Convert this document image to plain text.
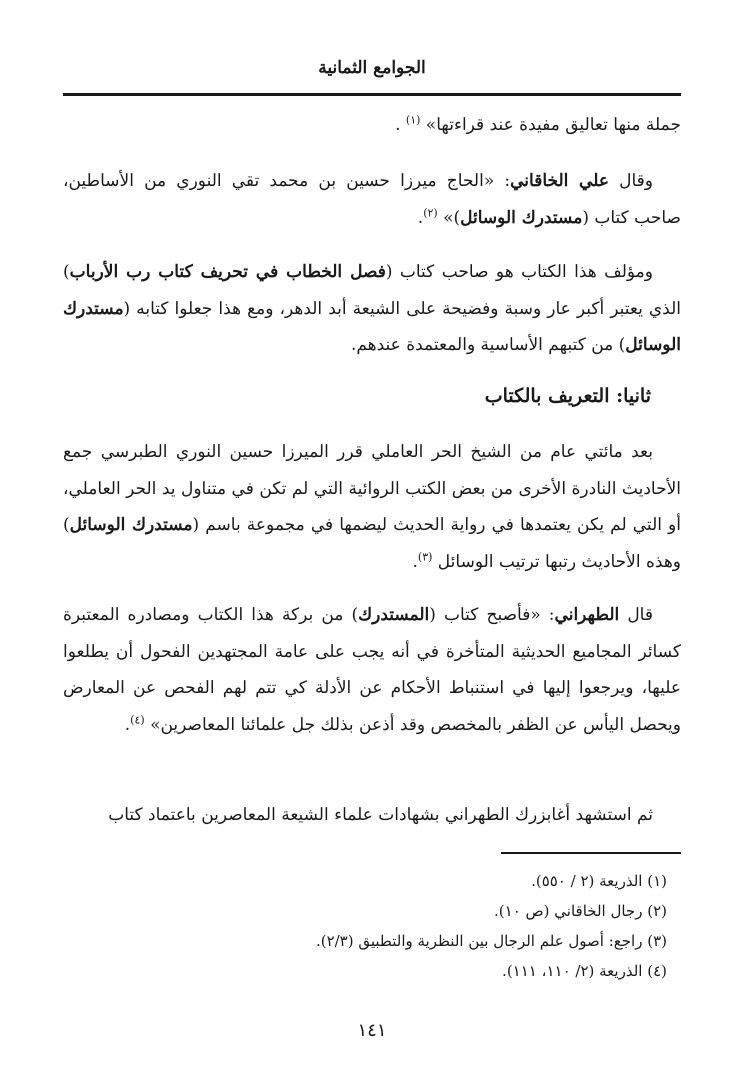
الجوامع الثمانية

جملة منها تعاليق مفيدة عند قراءتها» $^{(١)}$ .

وقال علي الخاقاني: «الحاج ميرزا حسين بن محمد تقي النوري من الأساطين، صاحب كتاب (مستدرك الوسائل)» $^{(٢)}$.

ومؤلف هذا الكتاب هو صاحب كتاب (فصل الخطاب في تحريف كتاب رب الأرباب) الذي يعتبر أكبر عار وسبة وفضيحة على الشيعة أبد الدهر، ومع هذا جعلوا كتابه (مستدرك الوسائل) من كتبهم الأساسية والمعتمدة عندهم.

ثانيا: التعريف بالكتاب

بعد مائتي عام من الشيخ الحر العاملي قرر الميرزا حسين النوري الطبرسي جمع الأحاديث النادرة الأخرى من بعض الكتب الروائية التي لم تكن في متناول يد الحر العاملي، أو التي لم يكن يعتمدها في رواية الحديث ليضمها في مجموعة باسم (مستدرك الوسائل) وهذه الأحاديث رتبها ترتيب الوسائل $^{(٣)}$.

قال الطهراني: «فأصبح كتاب (المستدرك) من بركة هذا الكتاب ومصادره المعتبرة كسائر المجاميع الحديثية المتأخرة في أنه يجب على عامة المجتهدين الفحول أن يطلعوا عليها، ويرجعوا إليها في استنباط الأحكام عن الأدلة كي تتم لهم الفحص عن المعارض ويحصل اليأس عن الظفر بالمخصص وقد أذعن بذلك جل علمائنا المعاصرين» $^{(٤)}$.

ثم استشهد أغابزرك الطهراني بشهادات علماء الشيعة المعاصرين باعتماد كتاب

(١) الذريعة (٢ / ٥٥٠).
(٢) رجال الخاقاني (ص ١٠).
(٣) راجع: أصول علم الرجال بين النظرية والتطبيق (٢/٣).
(٤) الذريعة (٢/ ١١٠، ١١١).
١٤١
